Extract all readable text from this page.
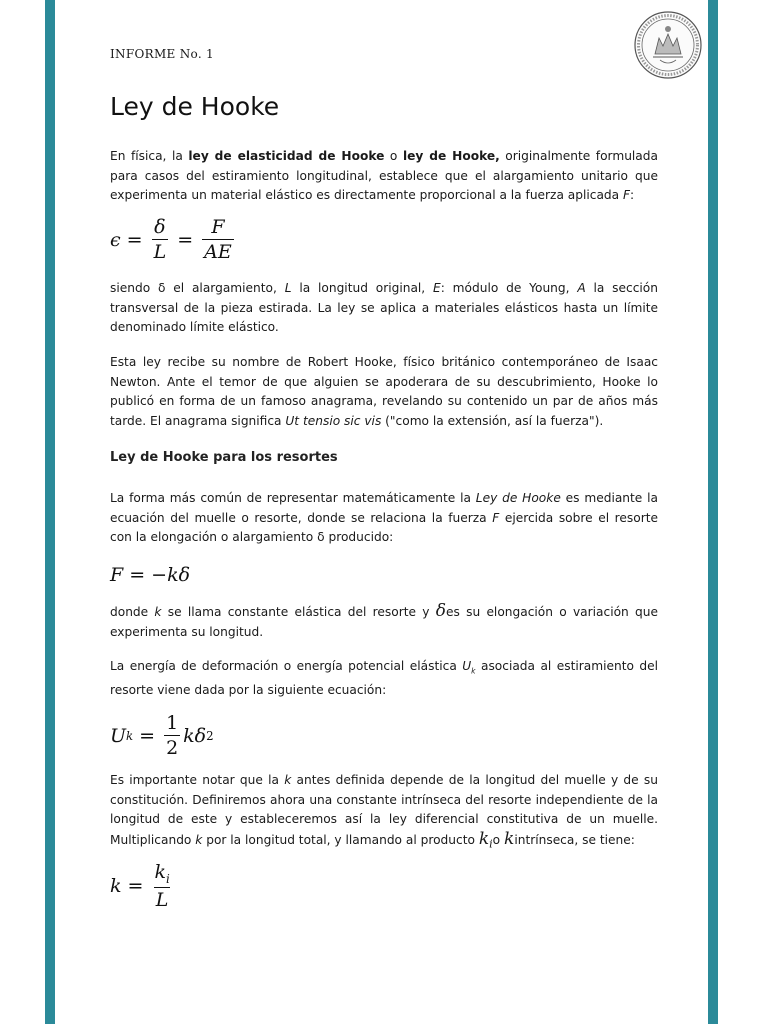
INFORME No. 1
Ley de Hooke

En física, la ley de elasticidad de Hooke o ley de Hooke, originalmente formulada para casos del estiramiento longitudinal, establece que el alargamiento unitario que experimenta un material elástico es directamente proporcional a la fuerza aplicada F:

$\epsilon = \frac{\delta}{L} = \frac{F}{AE}$

siendo δ el alargamiento, L la longitud original, E: módulo de Young, A la sección transversal de la pieza estirada. La ley se aplica a materiales elásticos hasta un límite denominado límite elástico.

Esta ley recibe su nombre de Robert Hooke, físico británico contemporáneo de Isaac Newton. Ante el temor de que alguien se apoderara de su descubrimiento, Hooke lo publicó en forma de un famoso anagrama, revelando su contenido un par de años más tarde. El anagrama significa Ut tensio sic vis ("como la extensión, así la fuerza").

Ley de Hooke para los resortes

La forma más común de representar matemáticamente la Ley de Hooke es mediante la ecuación del muelle o resorte, donde se relaciona la fuerza F ejercida sobre el resorte con la elongación o alargamiento δ producido:

F = −kδ

donde k se llama constante elástica del resorte y δes su elongación o variación que experimenta su longitud.

La energía de deformación o energía potencial elástica $U_k$ asociada al estiramiento del resorte viene dada por la siguiente ecuación:

U $k = \frac{1}{2}$ kδ 2

Es importante notar que la k antes definida depende de la longitud del muelle y de su constitución. Definiremos ahora una constante intrínseca del resorte independiente de la longitud de este y estableceremos así la ley diferencial constitutiva de un muelle. Multiplicando k por la longitud total, y llamando al producto $k_io$ kintrínseca, se tiene:

$k = \frac{k_i}{L}$
